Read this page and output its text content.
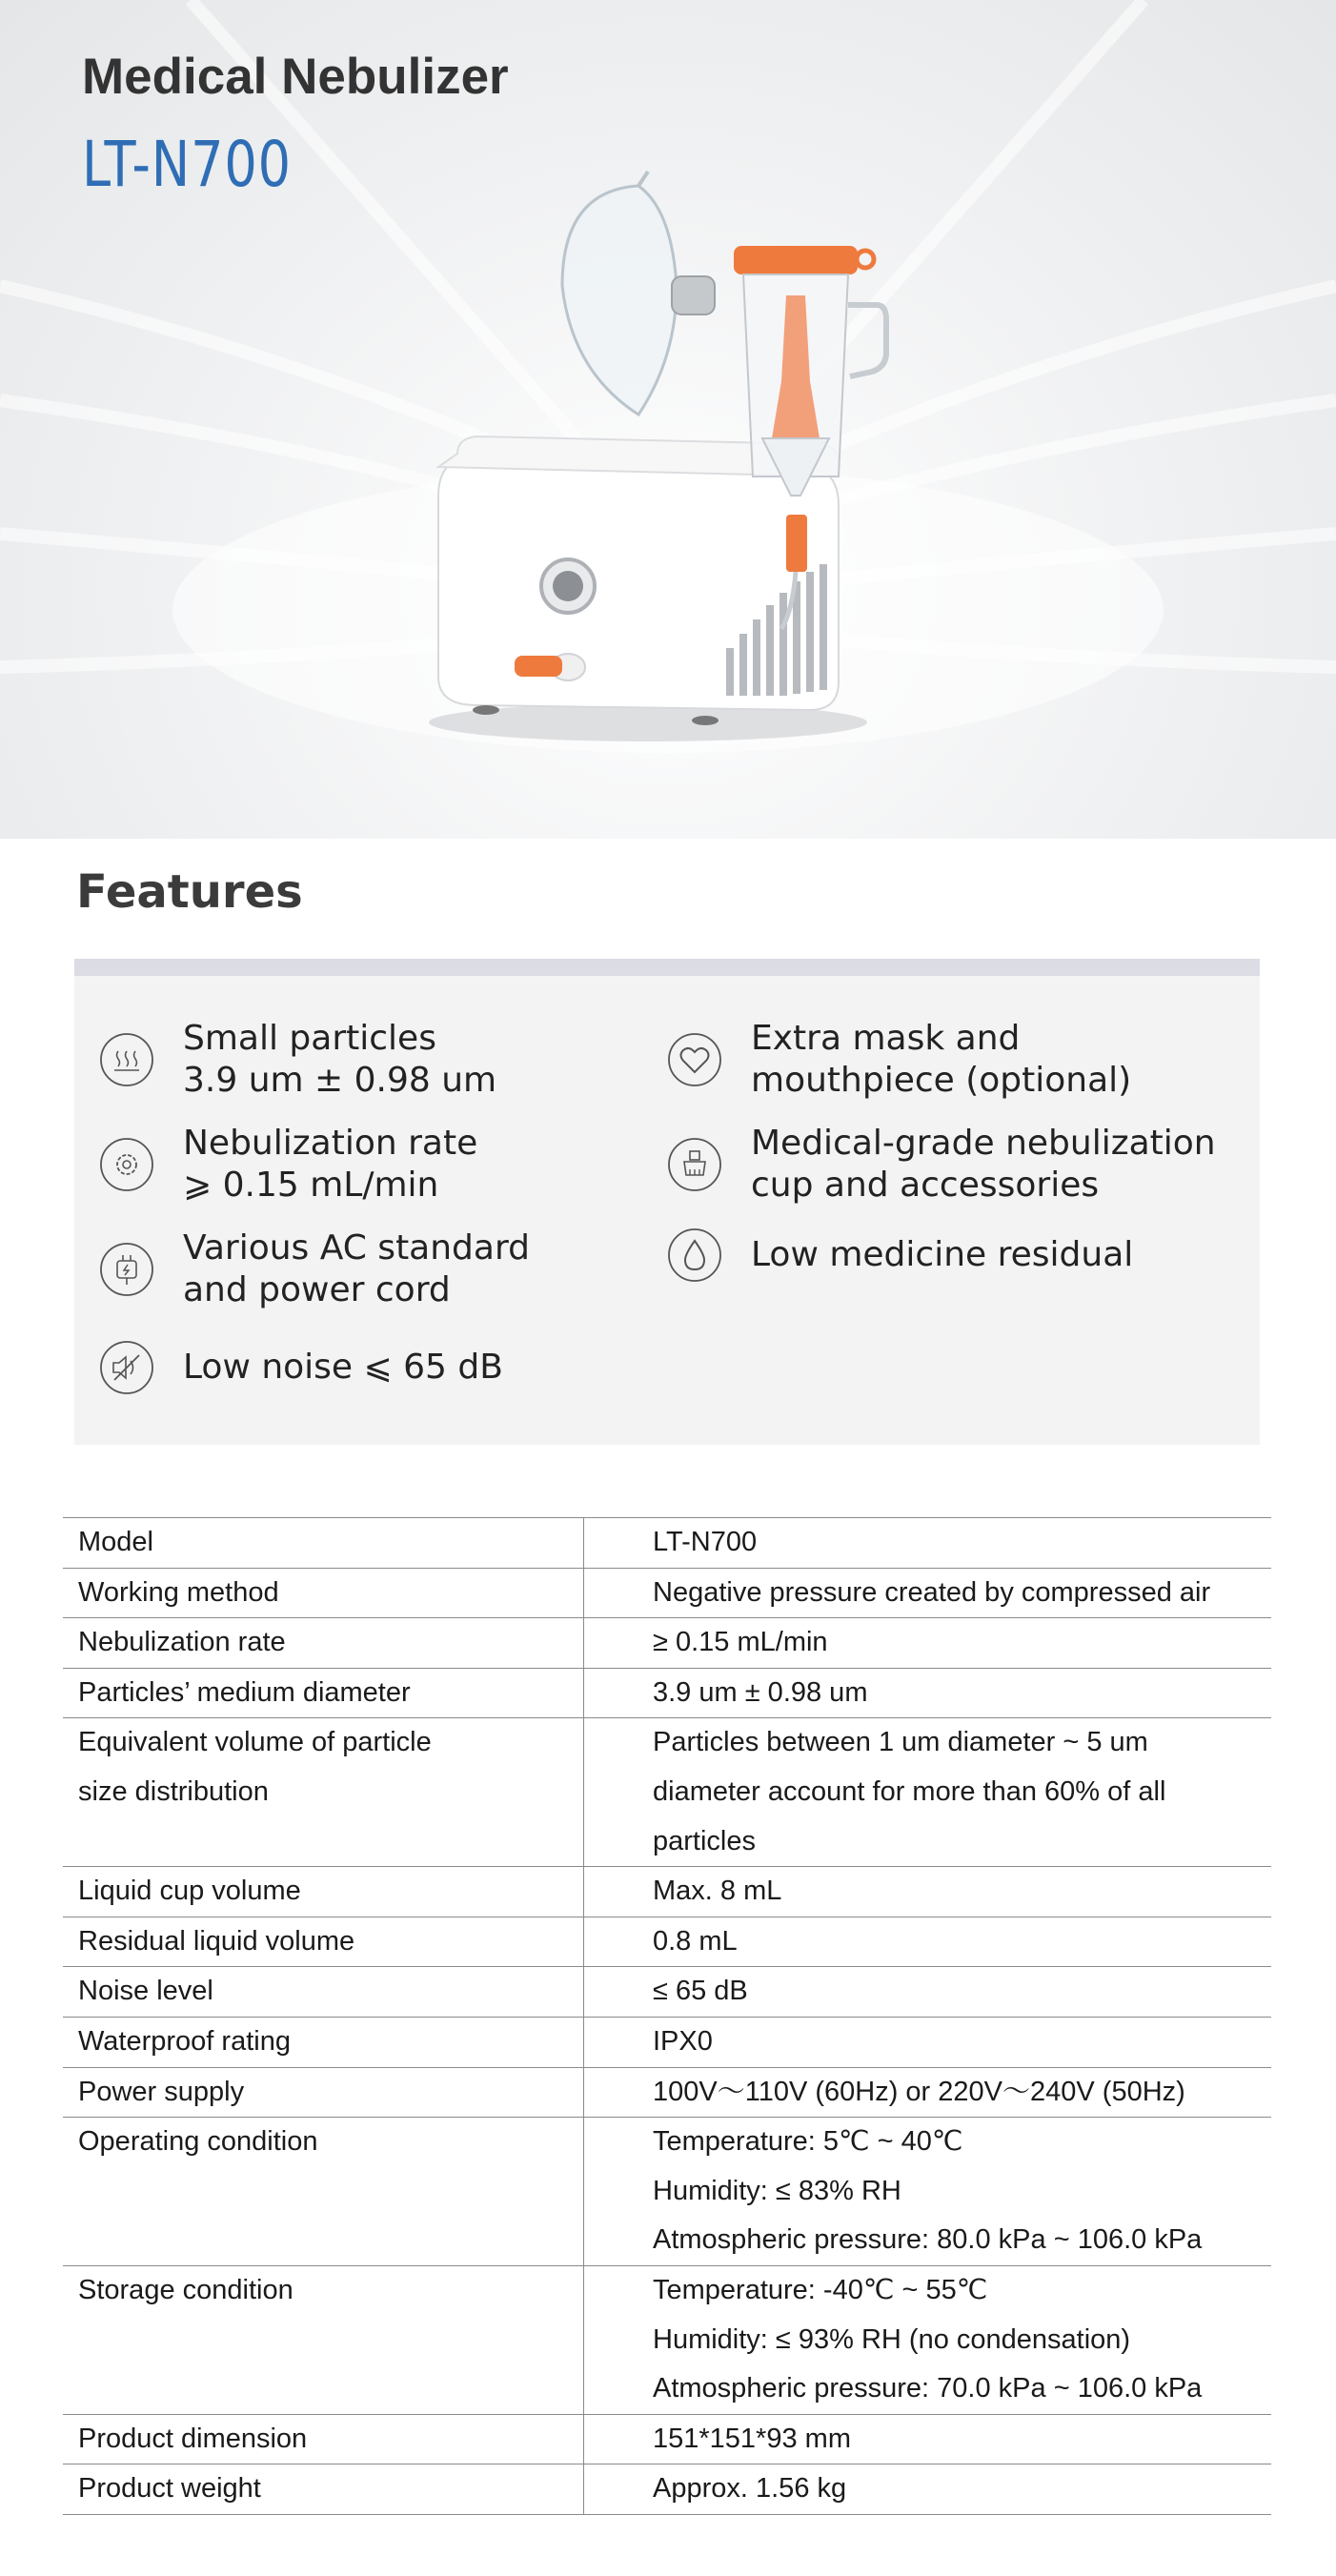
Medical Nebulizer
LT-N700
Features
Small particles
3.9 um ± 0.98 um
Extra mask and
mouthpiece (optional)
Nebulization rate
⩾ 0.15 mL/min
Medical-grade nebulization
cup and accessories
Various AC standard
and power cord
Low medicine residual
Low noise ⩽ 65 dB
Model	LT-N700

Working method	Negative pressure created by compressed air

Nebulization rate	≥ 0.15 mL/min

Particles’ medium diameter	3.9 um ± 0.98 um

Equivalent volume of particle
size distribution	Particles between 1 um diameter ~ 5 um
diameter account for more than 60% of all
particles

Liquid cup volume	Max. 8 mL

Residual liquid volume	0.8 mL

Noise level	≤ 65 dB

Waterproof rating	IPX0

Power supply	100V～110V (60Hz) or 220V～240V (50Hz)

Operating condition	Temperature: 5℃ ~ 40℃
Humidity: ≤ 83% RH
Atmospheric pressure: 80.0 kPa ~ 106.0 kPa

Storage condition	Temperature: -40℃ ~ 55℃
Humidity: ≤ 93% RH (no condensation)
Atmospheric pressure: 70.0 kPa ~ 106.0 kPa

Product dimension	151*151*93 mm

Product weight	Approx. 1.56 kg
